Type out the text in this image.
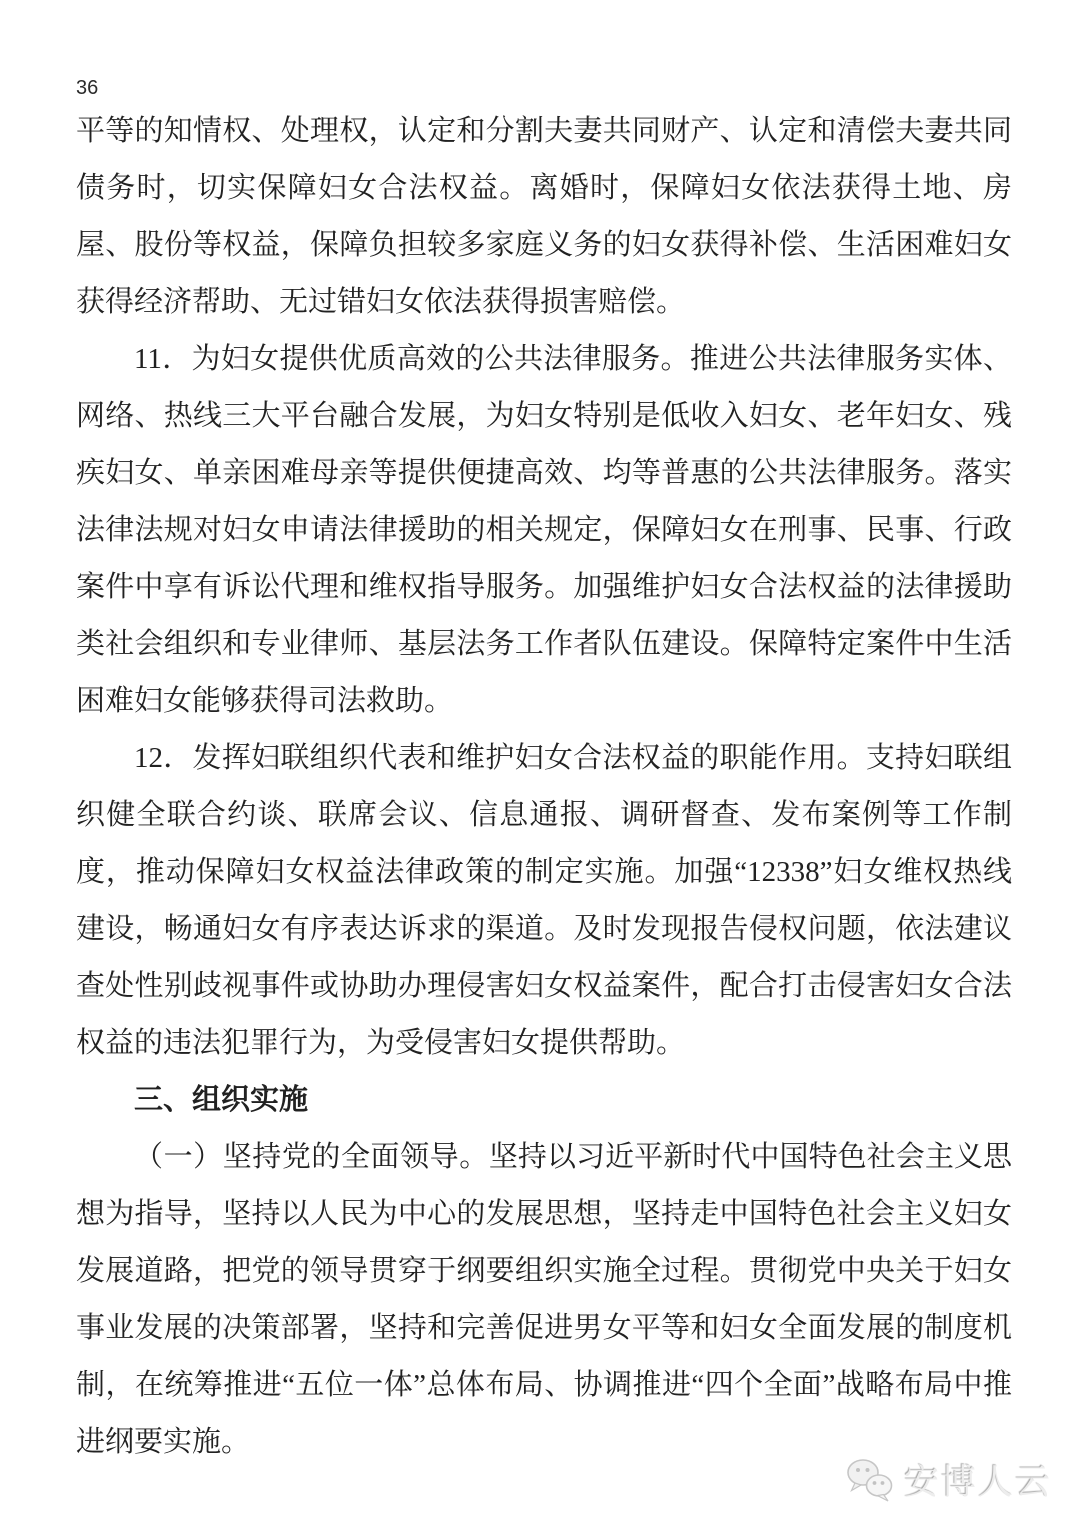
36

平等的知情权、处理权，认定和分割夫妻共同财产、认定和清偿夫妻共同债务时，切实保障妇女合法权益。离婚时，保障妇女依法获得土地、房屋、股份等权益，保障负担较多家庭义务的妇女获得补偿、生活困难妇女获得经济帮助、无过错妇女依法获得损害赔偿。

11．为妇女提供优质高效的公共法律服务。推进公共法律服务实体、网络、热线三大平台融合发展，为妇女特别是低收入妇女、老年妇女、残疾妇女、单亲困难母亲等提供便捷高效、均等普惠的公共法律服务。落实法律法规对妇女申请法律援助的相关规定，保障妇女在刑事、民事、行政案件中享有诉讼代理和维权指导服务。加强维护妇女合法权益的法律援助类社会组织和专业律师、基层法务工作者队伍建设。保障特定案件中生活困难妇女能够获得司法救助。

12．发挥妇联组织代表和维护妇女合法权益的职能作用。支持妇联组织健全联合约谈、联席会议、信息通报、调研督查、发布案例等工作制度，推动保障妇女权益法律政策的制定实施。加强“12338”妇女维权热线建设，畅通妇女有序表达诉求的渠道。及时发现报告侵权问题，依法建议查处性别歧视事件或协助办理侵害妇女权益案件，配合打击侵害妇女合法权益的违法犯罪行为，为受侵害妇女提供帮助。

三、组织实施

（一）坚持党的全面领导。坚持以习近平新时代中国特色社会主义思想为指导，坚持以人民为中心的发展思想，坚持走中国特色社会主义妇女发展道路，把党的领导贯穿于纲要组织实施全过程。贯彻党中央关于妇女事业发展的决策部署，坚持和完善促进男女平等和妇女全面发展的制度机制，在统筹推进“五位一体”总体布局、协调推进“四个全面”战略布局中推进纲要实施。

安博人云
